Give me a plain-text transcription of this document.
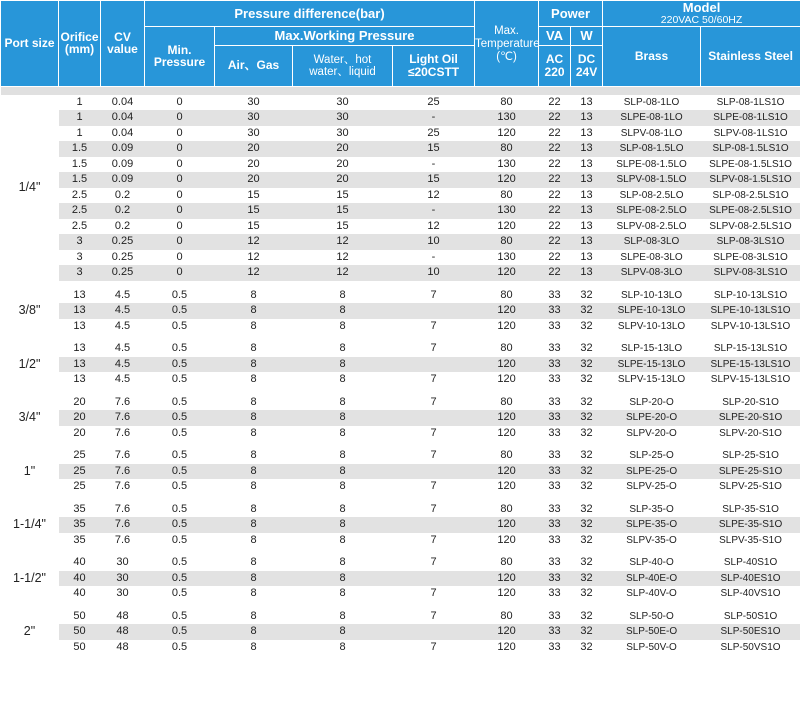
Port size	Orifice (mm)	CV value	Pressure difference(bar)				Max. Temperature (℃)	Power		Model
220VAC 50/60HZ	

			Min. Pressure	Max.Working Pressure				VA	W	Brass	Stainless Steel
				Air、Gas	Water、hot water、liquid	Light Oil ≤20CSTT		AC 220	DC 24V		

1/4"	1	0.04	0	30	30	25	80	22	13	SLP-08-1LO	SLP-08-1LS1O
	1	0.04	0	30	30	-	130	22	13	SLPE-08-1LO	SLPE-08-1LS1O
	1	0.04	0	30	30	25	120	22	13	SLPV-08-1LO	SLPV-08-1LS1O
	1.5	0.09	0	20	20	15	80	22	13	SLP-08-1.5LO	SLP-08-1.5LS1O
	1.5	0.09	0	20	20	-	130	22	13	SLPE-08-1.5LO	SLPE-08-1.5LS1O
	1.5	0.09	0	20	20	15	120	22	13	SLPV-08-1.5LO	SLPV-08-1.5LS1O
	2.5	0.2	0	15	15	12	80	22	13	SLP-08-2.5LO	SLP-08-2.5LS1O
	2.5	0.2	0	15	15	-	130	22	13	SLPE-08-2.5LO	SLPE-08-2.5LS1O
	2.5	0.2	0	15	15	12	120	22	13	SLPV-08-2.5LO	SLPV-08-2.5LS1O
	3	0.25	0	12	12	10	80	22	13	SLP-08-3LO	SLP-08-3LS1O
	3	0.25	0	12	12	-	130	22	13	SLPE-08-3LO	SLPE-08-3LS1O
	3	0.25	0	12	12	10	120	22	13	SLPV-08-3LO	SLPV-08-3LS1O

3/8"	13	4.5	0.5	8	8	7	80	33	32	SLP-10-13LO	SLP-10-13LS1O
	13	4.5	0.5	8	8		120	33	32	SLPE-10-13LO	SLPE-10-13LS1O
	13	4.5	0.5	8	8	7	120	33	32	SLPV-10-13LO	SLPV-10-13LS1O

1/2"	13	4.5	0.5	8	8	7	80	33	32	SLP-15-13LO	SLP-15-13LS1O
	13	4.5	0.5	8	8		120	33	32	SLPE-15-13LO	SLPE-15-13LS1O
	13	4.5	0.5	8	8	7	120	33	32	SLPV-15-13LO	SLPV-15-13LS1O

3/4"	20	7.6	0.5	8	8	7	80	33	32	SLP-20-O	SLP-20-S1O
	20	7.6	0.5	8	8		120	33	32	SLPE-20-O	SLPE-20-S1O
	20	7.6	0.5	8	8	7	120	33	32	SLPV-20-O	SLPV-20-S1O

1"	25	7.6	0.5	8	8	7	80	33	32	SLP-25-O	SLP-25-S1O
	25	7.6	0.5	8	8		120	33	32	SLPE-25-O	SLPE-25-S1O
	25	7.6	0.5	8	8	7	120	33	32	SLPV-25-O	SLPV-25-S1O

1-1/4"	35	7.6	0.5	8	8	7	80	33	32	SLP-35-O	SLP-35-S1O
	35	7.6	0.5	8	8		120	33	32	SLPE-35-O	SLPE-35-S1O
	35	7.6	0.5	8	8	7	120	33	32	SLPV-35-O	SLPV-35-S1O

1-1/2"	40	30	0.5	8	8	7	80	33	32	SLP-40-O	SLP-40S1O
	40	30	0.5	8	8		120	33	32	SLP-40E-O	SLP-40ES1O
	40	30	0.5	8	8	7	120	33	32	SLP-40V-O	SLP-40VS1O

2"	50	48	0.5	8	8	7	80	33	32	SLP-50-O	SLP-50S1O
	50	48	0.5	8	8		120	33	32	SLP-50E-O	SLP-50ES1O
	50	48	0.5	8	8	7	120	33	32	SLP-50V-O	SLP-50VS1O
